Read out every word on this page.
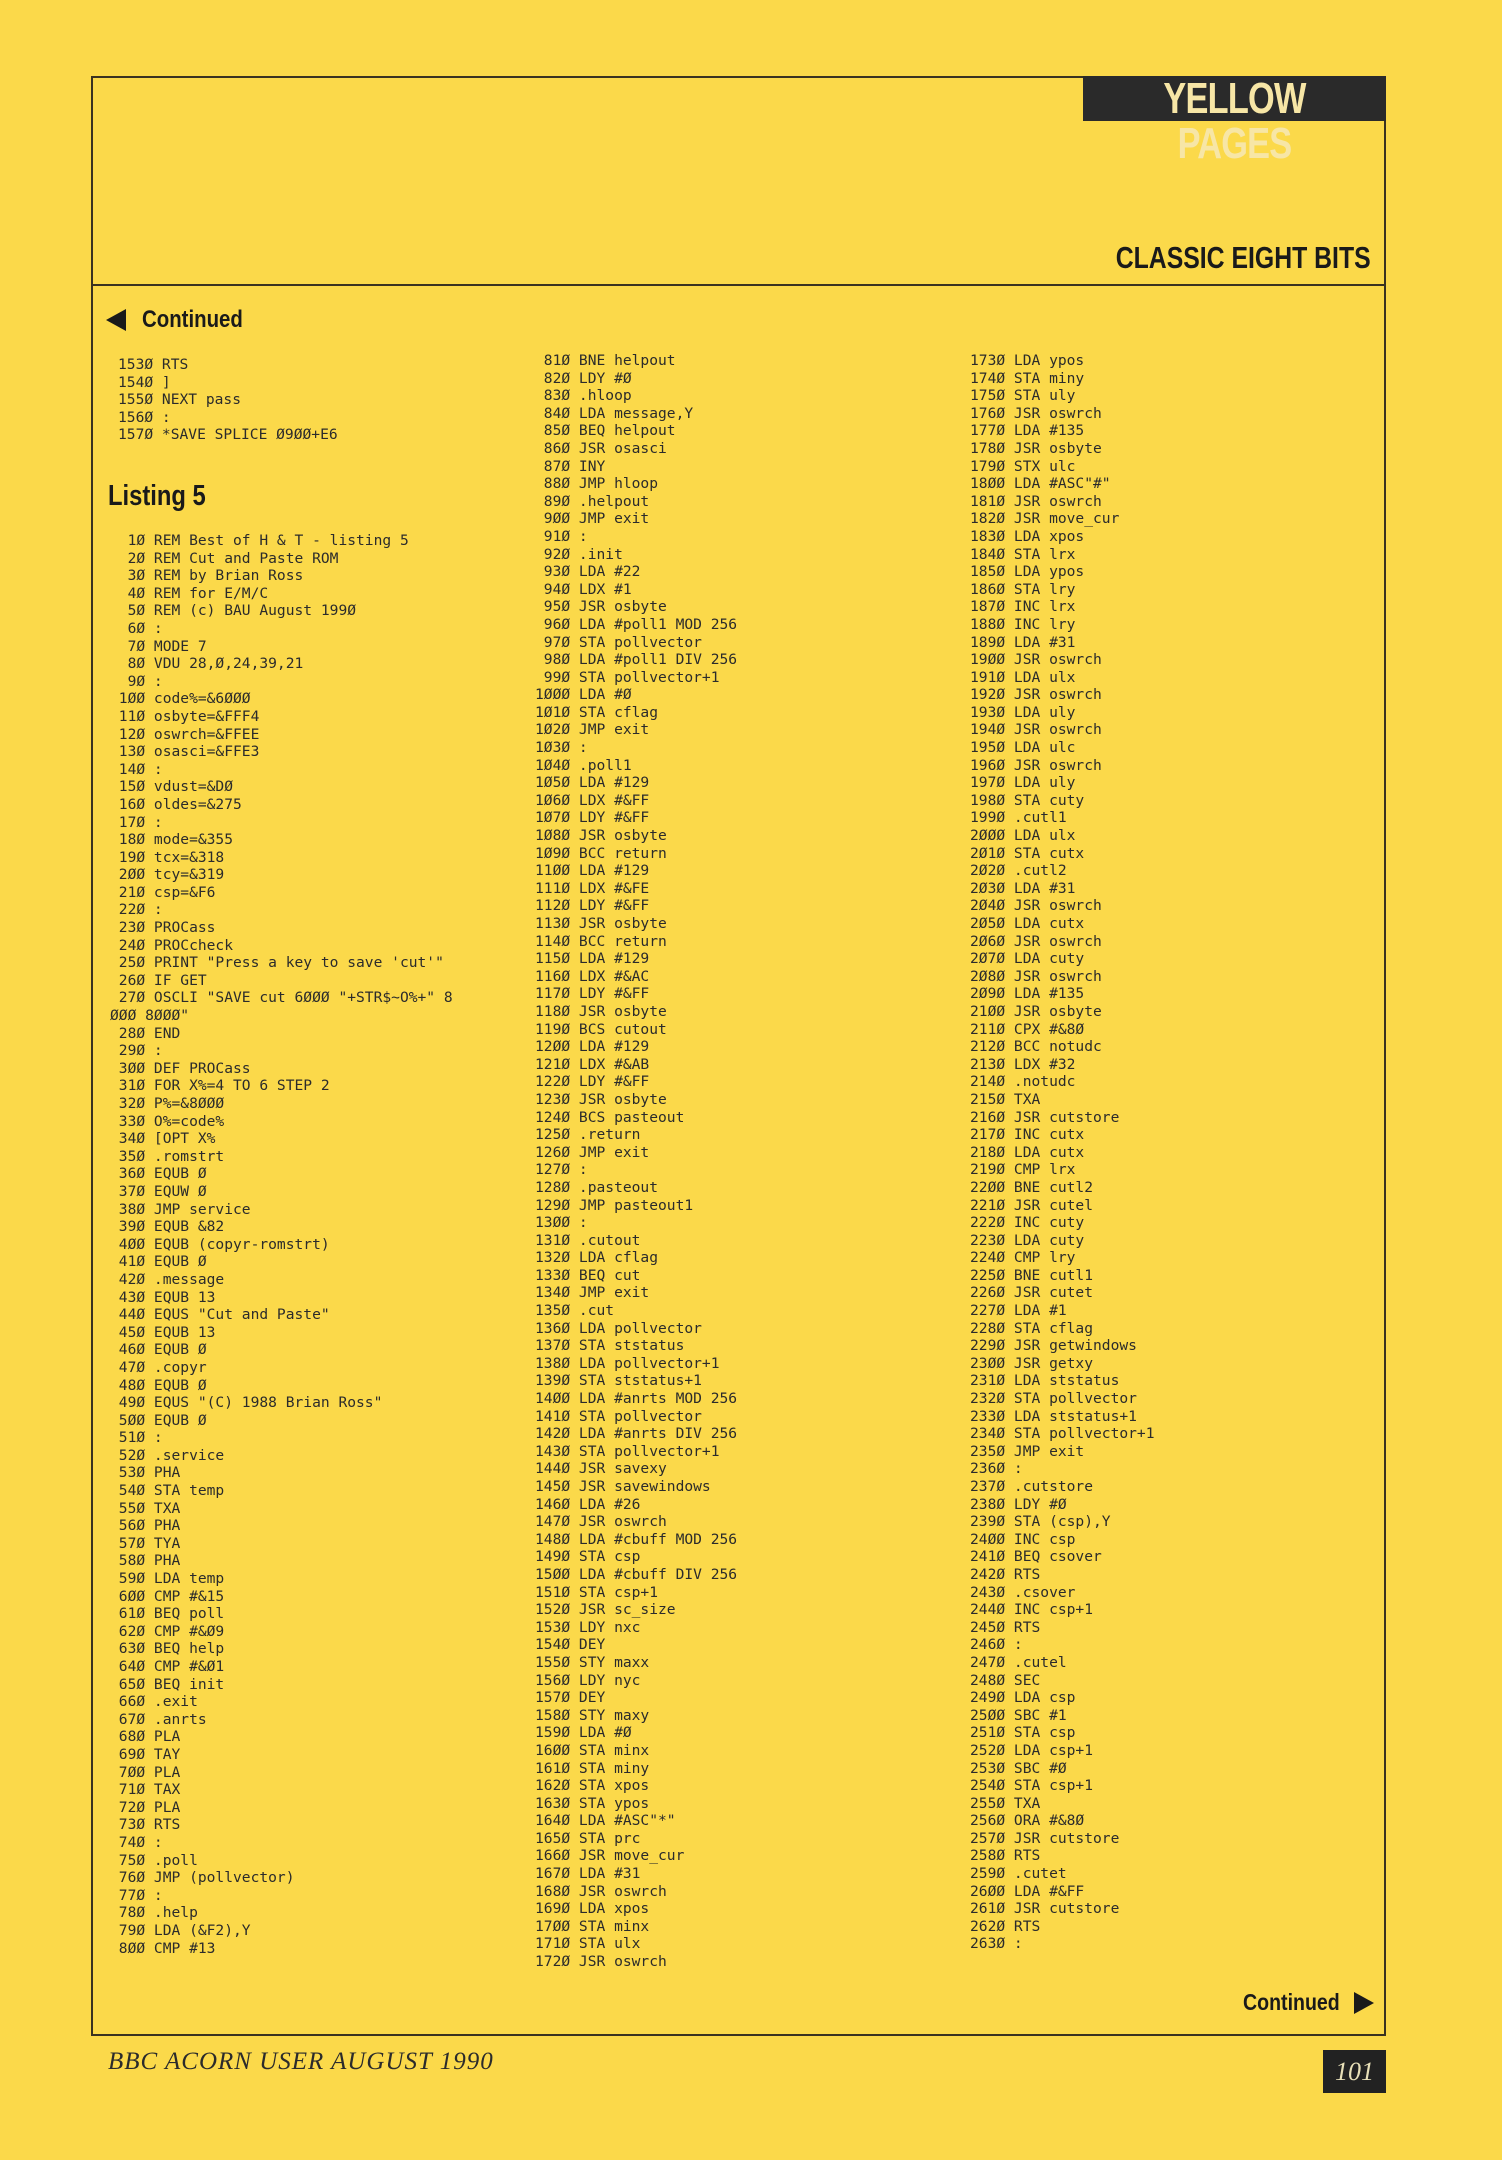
YELLOW PAGES
CLASSIC EIGHT BITS
Continued
153Ø RTS
154Ø ]
155Ø NEXT pass
156Ø :
157Ø *SAVE SPLICE Ø9ØØ+E6
Listing 5
1Ø REM Best of H & T - listing 5
2Ø REM Cut and Paste ROM
3Ø REM by Brian Ross
4Ø REM for E/M/C
5Ø REM (c) BAU August 199Ø
6Ø :
7Ø MODE 7
8Ø VDU 28,Ø,24,39,21
9Ø :
1ØØ code%=&6ØØØ
11Ø osbyte=&FFF4
12Ø oswrch=&FFEE
13Ø osasci=&FFE3
14Ø :
15Ø vdust=&DØ
16Ø oldes=&275
17Ø :
18Ø mode=&355
19Ø tcx=&318
2ØØ tcy=&319
21Ø csp=&F6
22Ø :
23Ø PROCass
24Ø PROCcheck
25Ø PRINT "Press a key to save 'cut'"
26Ø IF GET
27Ø OSCLI "SAVE cut 6ØØØ "+STR$~O%+" 8
ØØØ 8ØØØ"
28Ø END
29Ø :
3ØØ DEF PROCass
31Ø FOR X%=4 TO 6 STEP 2
32Ø P%=&8ØØØ
33Ø O%=code%
34Ø [OPT X%
35Ø .romstrt
36Ø EQUB Ø
37Ø EQUW Ø
38Ø JMP service
39Ø EQUB &82
4ØØ EQUB (copyr-romstrt)
41Ø EQUB Ø
42Ø .message
43Ø EQUB 13
44Ø EQUS "Cut and Paste"
45Ø EQUB 13
46Ø EQUB Ø
47Ø .copyr
48Ø EQUB Ø
49Ø EQUS "(C) 1988 Brian Ross"
5ØØ EQUB Ø
51Ø :
52Ø .service
53Ø PHA
54Ø STA temp
55Ø TXA
56Ø PHA
57Ø TYA
58Ø PHA
59Ø LDA temp
6ØØ CMP #&15
61Ø BEQ poll
62Ø CMP #&Ø9
63Ø BEQ help
64Ø CMP #&Ø1
65Ø BEQ init
66Ø .exit
67Ø .anrts
68Ø PLA
69Ø TAY
7ØØ PLA
71Ø TAX
72Ø PLA
73Ø RTS
74Ø :
75Ø .poll
76Ø JMP (pollvector)
77Ø :
78Ø .help
79Ø LDA (&F2),Y
8ØØ CMP #13
81Ø BNE helpout
82Ø LDY #Ø
83Ø .hloop
84Ø LDA message,Y
85Ø BEQ helpout
86Ø JSR osasci
87Ø INY
88Ø JMP hloop
89Ø .helpout
9ØØ JMP exit
91Ø :
92Ø .init
93Ø LDA #22
94Ø LDX #1
95Ø JSR osbyte
96Ø LDA #poll1 MOD 256
97Ø STA pollvector
98Ø LDA #poll1 DIV 256
99Ø STA pollvector+1
1ØØØ LDA #Ø
1Ø1Ø STA cflag
1Ø2Ø JMP exit
1Ø3Ø :
1Ø4Ø .poll1
1Ø5Ø LDA #129
1Ø6Ø LDX #&FF
1Ø7Ø LDY #&FF
1Ø8Ø JSR osbyte
1Ø9Ø BCC return
11ØØ LDA #129
111Ø LDX #&FE
112Ø LDY #&FF
113Ø JSR osbyte
114Ø BCC return
115Ø LDA #129
116Ø LDX #&AC
117Ø LDY #&FF
118Ø JSR osbyte
119Ø BCS cutout
12ØØ LDA #129
121Ø LDX #&AB
122Ø LDY #&FF
123Ø JSR osbyte
124Ø BCS pasteout
125Ø .return
126Ø JMP exit
127Ø :
128Ø .pasteout
129Ø JMP pasteout1
13ØØ :
131Ø .cutout
132Ø LDA cflag
133Ø BEQ cut
134Ø JMP exit
135Ø .cut
136Ø LDA pollvector
137Ø STA ststatus
138Ø LDA pollvector+1
139Ø STA ststatus+1
14ØØ LDA #anrts MOD 256
141Ø STA pollvector
142Ø LDA #anrts DIV 256
143Ø STA pollvector+1
144Ø JSR savexy
145Ø JSR savewindows
146Ø LDA #26
147Ø JSR oswrch
148Ø LDA #cbuff MOD 256
149Ø STA csp
15ØØ LDA #cbuff DIV 256
151Ø STA csp+1
152Ø JSR sc_size
153Ø LDY nxc
154Ø DEY
155Ø STY maxx
156Ø LDY nyc
157Ø DEY
158Ø STY maxy
159Ø LDA #Ø
16ØØ STA minx
161Ø STA miny
162Ø STA xpos
163Ø STA ypos
164Ø LDA #ASC"*"
165Ø STA prc
166Ø JSR move_cur
167Ø LDA #31
168Ø JSR oswrch
169Ø LDA xpos
17ØØ STA minx
171Ø STA ulx
172Ø JSR oswrch
173Ø LDA ypos
174Ø STA miny
175Ø STA uly
176Ø JSR oswrch
177Ø LDA #135
178Ø JSR osbyte
179Ø STX ulc
18ØØ LDA #ASC"#"
181Ø JSR oswrch
182Ø JSR move_cur
183Ø LDA xpos
184Ø STA lrx
185Ø LDA ypos
186Ø STA lry
187Ø INC lrx
188Ø INC lry
189Ø LDA #31
19ØØ JSR oswrch
191Ø LDA ulx
192Ø JSR oswrch
193Ø LDA uly
194Ø JSR oswrch
195Ø LDA ulc
196Ø JSR oswrch
197Ø LDA uly
198Ø STA cuty
199Ø .cutl1
2ØØØ LDA ulx
2Ø1Ø STA cutx
2Ø2Ø .cutl2
2Ø3Ø LDA #31
2Ø4Ø JSR oswrch
2Ø5Ø LDA cutx
2Ø6Ø JSR oswrch
2Ø7Ø LDA cuty
2Ø8Ø JSR oswrch
2Ø9Ø LDA #135
21ØØ JSR osbyte
211Ø CPX #&8Ø
212Ø BCC notudc
213Ø LDX #32
214Ø .notudc
215Ø TXA
216Ø JSR cutstore
217Ø INC cutx
218Ø LDA cutx
219Ø CMP lrx
22ØØ BNE cutl2
221Ø JSR cutel
222Ø INC cuty
223Ø LDA cuty
224Ø CMP lry
225Ø BNE cutl1
226Ø JSR cutet
227Ø LDA #1
228Ø STA cflag
229Ø JSR getwindows
23ØØ JSR getxy
231Ø LDA ststatus
232Ø STA pollvector
233Ø LDA ststatus+1
234Ø STA pollvector+1
235Ø JMP exit
236Ø :
237Ø .cutstore
238Ø LDY #Ø
239Ø STA (csp),Y
24ØØ INC csp
241Ø BEQ csover
242Ø RTS
243Ø .csover
244Ø INC csp+1
245Ø RTS
246Ø :
247Ø .cutel
248Ø SEC
249Ø LDA csp
25ØØ SBC #1
251Ø STA csp
252Ø LDA csp+1
253Ø SBC #Ø
254Ø STA csp+1
255Ø TXA
256Ø ORA #&8Ø
257Ø JSR cutstore
258Ø RTS
259Ø .cutet
26ØØ LDA #&FF
261Ø JSR cutstore
262Ø RTS
263Ø :
Continued
BBC ACORN USER AUGUST 1990	101
